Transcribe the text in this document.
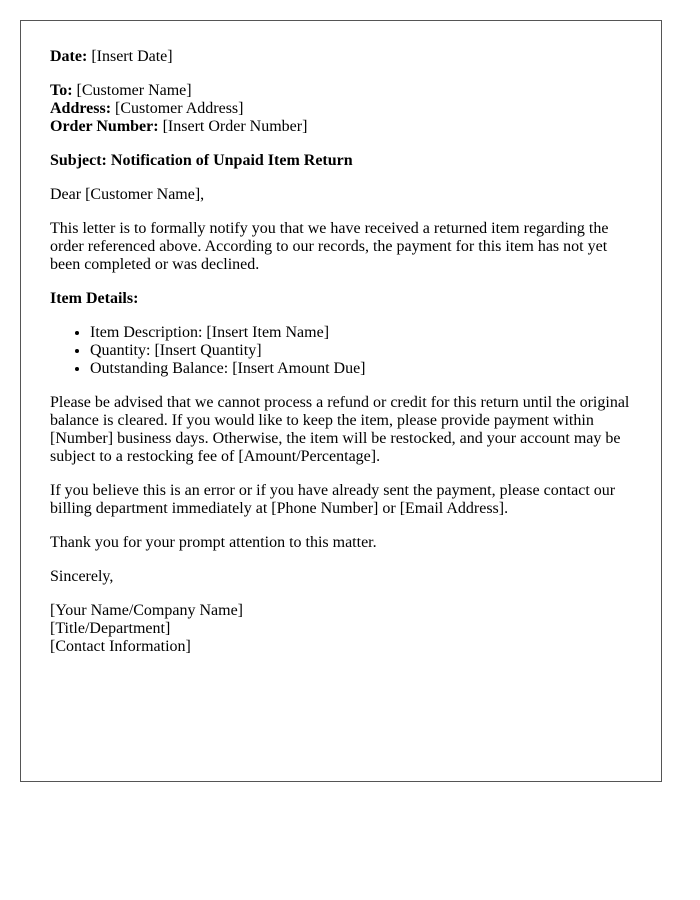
Date: [Insert Date]

To: [Customer Name]
Address: [Customer Address]
Order Number: [Insert Order Number]

Subject: Notification of Unpaid Item Return

Dear [Customer Name],

This letter is to formally notify you that we have received a returned item regarding the order referenced above. According to our records, the payment for this item has not yet been completed or was declined.

Item Details:

• Item Description: [Insert Item Name]
• Quantity: [Insert Quantity]
• Outstanding Balance: [Insert Amount Due]

Please be advised that we cannot process a refund or credit for this return until the original balance is cleared. If you would like to keep the item, please provide payment within [Number] business days. Otherwise, the item will be restocked, and your account may be subject to a restocking fee of [Amount/Percentage].

If you believe this is an error or if you have already sent the payment, please contact our billing department immediately at [Phone Number] or [Email Address].

Thank you for your prompt attention to this matter.

Sincerely,

[Your Name/Company Name]
[Title/Department]
[Contact Information]
